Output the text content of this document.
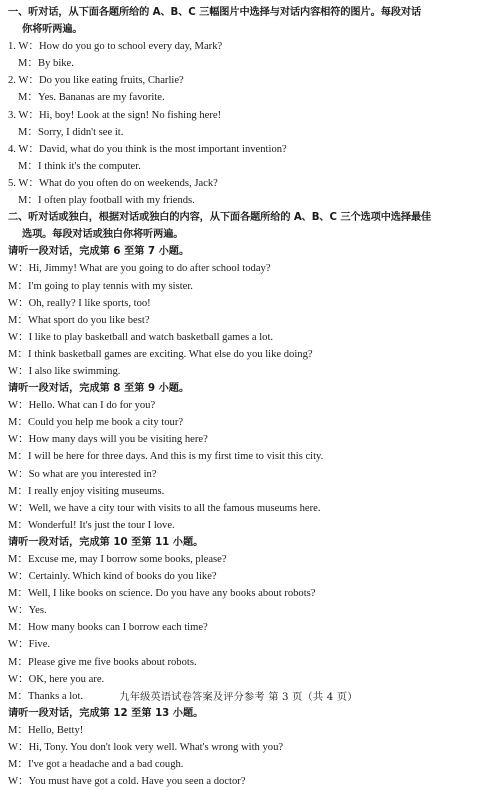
一、听对话，从下面各题所给的 A、B、C 三幅图片中选择与对话内容相符的图片。每段对话
你将听两遍。
1. W：How do you go to school every day, Mark?
M：By bike.
2. W：Do you like eating fruits, Charlie?
M：Yes. Bananas are my favorite.
3. W：Hi, boy! Look at the sign! No fishing here!
M：Sorry, I didn't see it.
4. W：David, what do you think is the most important invention?
M：I think it's the computer.
5. W：What do you often do on weekends, Jack?
M：I often play football with my friends.
二、听对话或独白，根据对话或独白的内容，从下面各题所给的 A、B、C 三个选项中选择最佳
选项。每段对话或独白你将听两遍。
请听一段对话，完成第 6 至第 7 小题。
W：Hi, Jimmy! What are you going to do after school today?
M：I'm going to play tennis with my sister.
W：Oh, really? I like sports, too!
M：What sport do you like best?
W：I like to play basketball and watch basketball games a lot.
M：I think basketball games are exciting. What else do you like doing?
W：I also like swimming.
请听一段对话，完成第 8 至第 9 小题。
W：Hello. What can I do for you?
M：Could you help me book a city tour?
W：How many days will you be visiting here?
M：I will be here for three days. And this is my first time to visit this city.
W：So what are you interested in?
M：I really enjoy visiting museums.
W：Well, we have a city tour with visits to all the famous museums here.
M：Wonderful! It's just the tour I love.
请听一段对话，完成第 10 至第 11 小题。
M：Excuse me, may I borrow some books, please?
W：Certainly. Which kind of books do you like?
M：Well, I like books on science. Do you have any books about robots?
W：Yes.
M：How many books can I borrow each time?
W：Five.
M：Please give me five books about robots.
W：OK, here you are.
M：Thanks a lot.
请听一段对话，完成第 12 至第 13 小题。
M：Hello, Betty!
W：Hi, Tony. You don't look very well. What's wrong with you?
M：I've got a headache and a bad cough.
W：You must have got a cold. Have you seen a doctor?
九年级英语试卷答案及评分参考 第 3 页（共 4 页）
